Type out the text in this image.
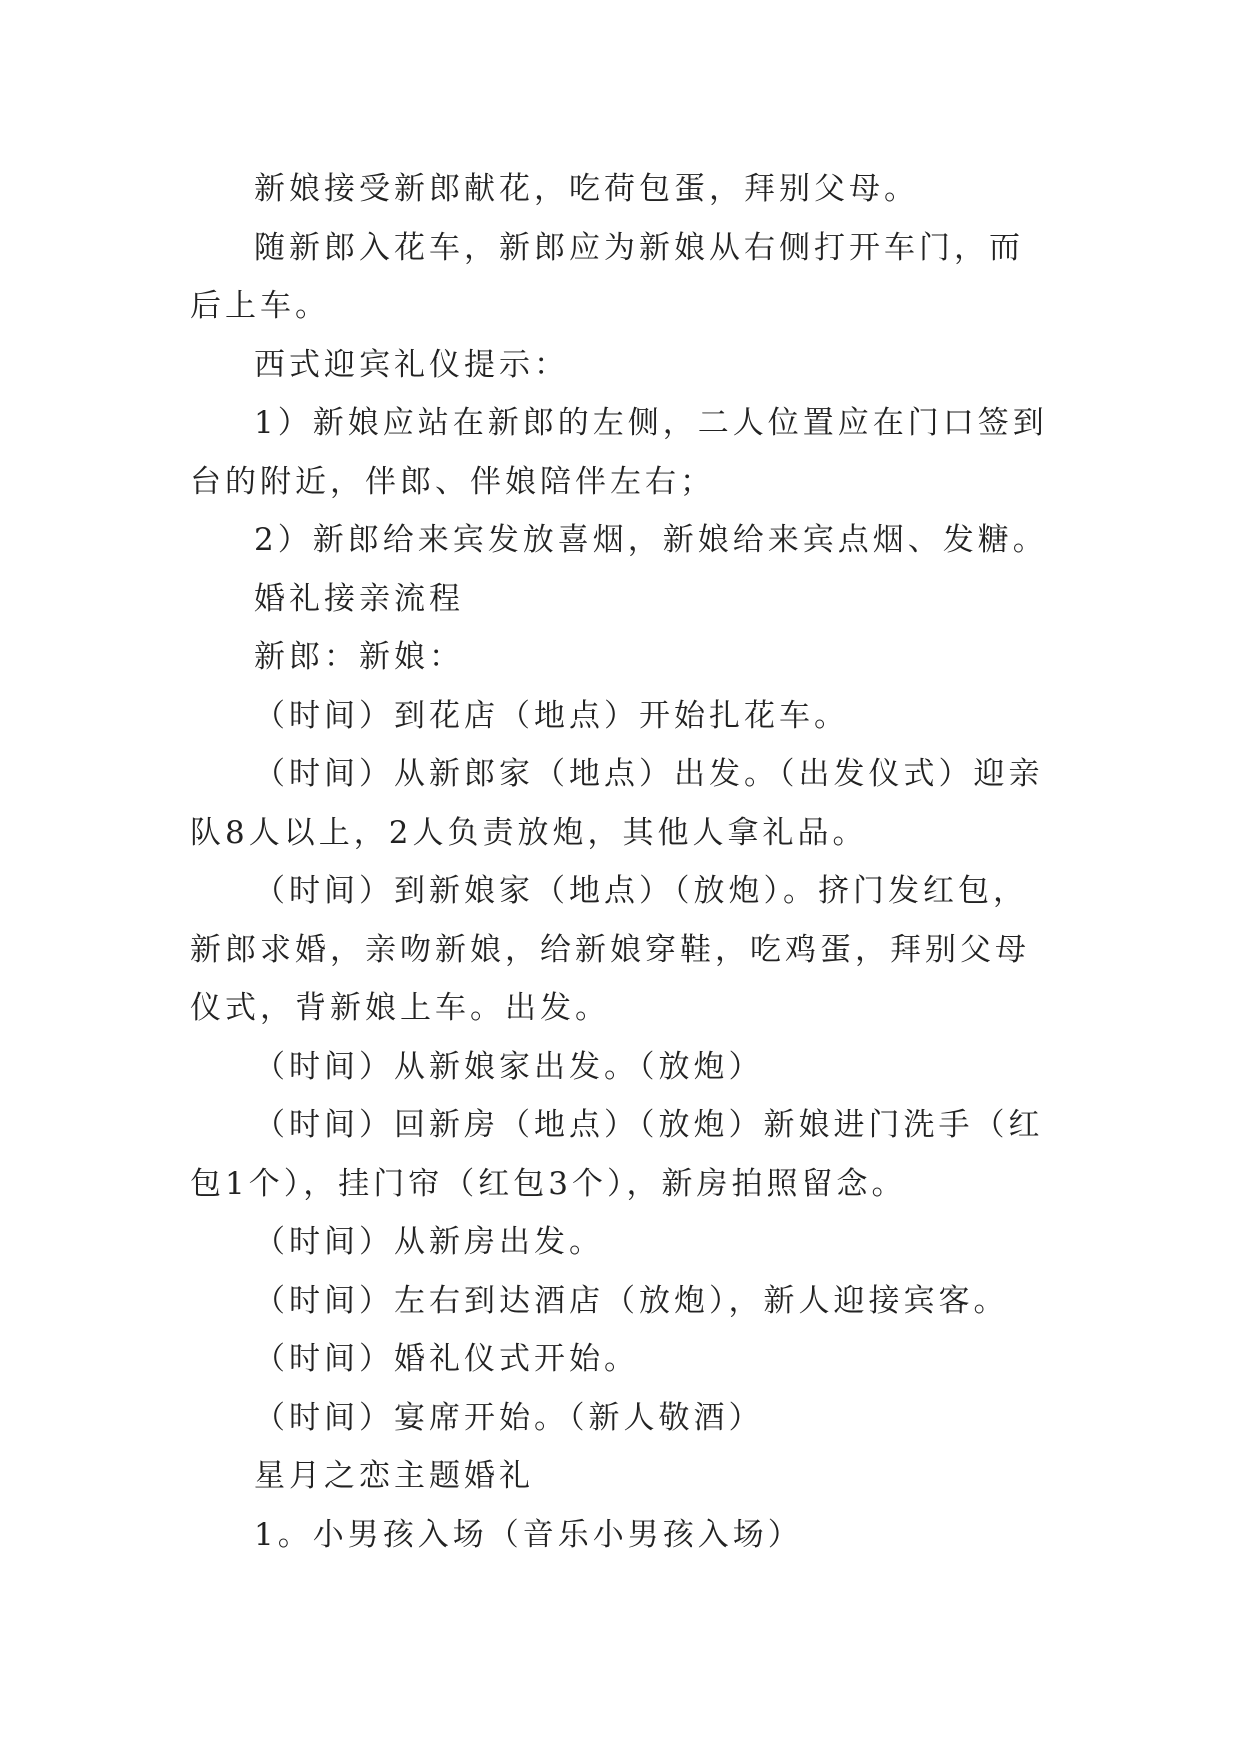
新娘接受新郎献花，吃荷包蛋，拜别父母。

随新郎入花车，新郎应为新娘从右侧打开车门，而后上车。

西式迎宾礼仪提示：

1）新娘应站在新郎的左侧，二人位置应在门口签到台的附近，伴郎、伴娘陪伴左右；

2）新郎给来宾发放喜烟，新娘给来宾点烟、发糖。

婚礼接亲流程

新郎：新娘：

（时间）到花店（地点）开始扎花车。

（时间）从新郎家（地点）出发。（出发仪式）迎亲队8人以上，2人负责放炮，其他人拿礼品。

（时间）到新娘家（地点）（放炮）。挤门发红包，新郎求婚，亲吻新娘，给新娘穿鞋，吃鸡蛋，拜别父母仪式，背新娘上车。出发。

（时间）从新娘家出发。（放炮）

（时间）回新房（地点）（放炮）新娘进门洗手（红包1个），挂门帘（红包3个），新房拍照留念。

（时间）从新房出发。

（时间）左右到达酒店（放炮），新人迎接宾客。

（时间）婚礼仪式开始。

（时间）宴席开始。（新人敬酒）

星月之恋主题婚礼

1。小男孩入场（音乐小男孩入场）
